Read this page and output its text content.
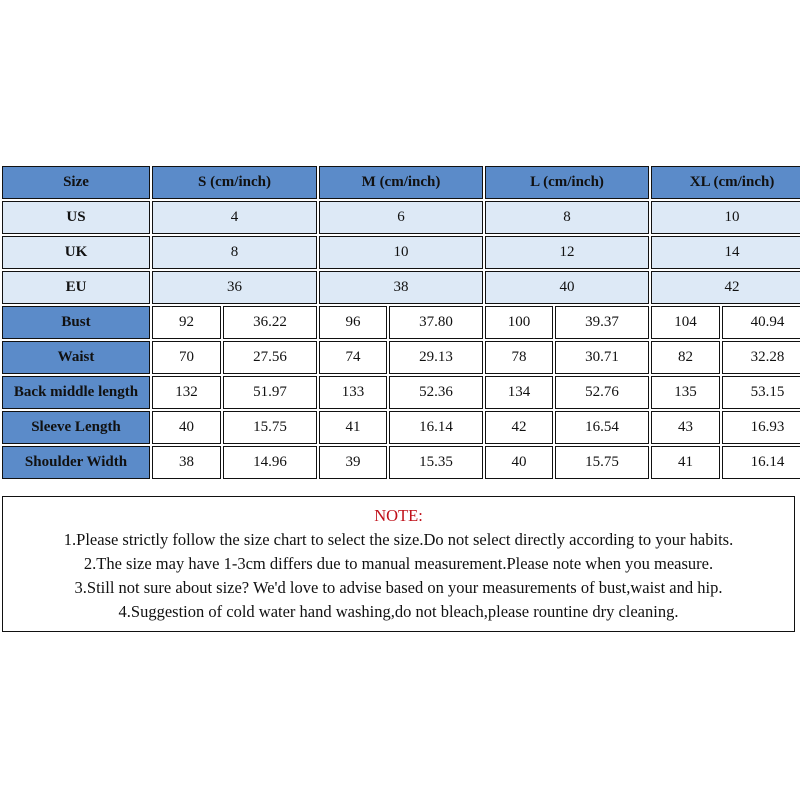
Size	S (cm/inch)		M (cm/inch)		L (cm/inch)		XL (cm/inch)	
US	4		6		8		10	
UK	8		10		12		14	
EU	36		38		40		42	
Bust	92	36.22	96	37.80	100	39.37	104	40.94
Waist	70	27.56	74	29.13	78	30.71	82	32.28
Back middle length	132	51.97	133	52.36	134	52.76	135	53.15
Sleeve Length	40	15.75	41	16.14	42	16.54	43	16.93
Shoulder Width	38	14.96	39	15.35	40	15.75	41	16.14
NOTE:
1.Please strictly follow the size chart to select the size.Do not select directly according to your habits.
2.The size may have 1-3cm differs due to manual measurement.Please note when you measure.
3.Still not sure about size? We'd love to advise based on your measurements of bust,waist and hip.
4.Suggestion of cold water hand washing,do not bleach,please rountine dry cleaning.
